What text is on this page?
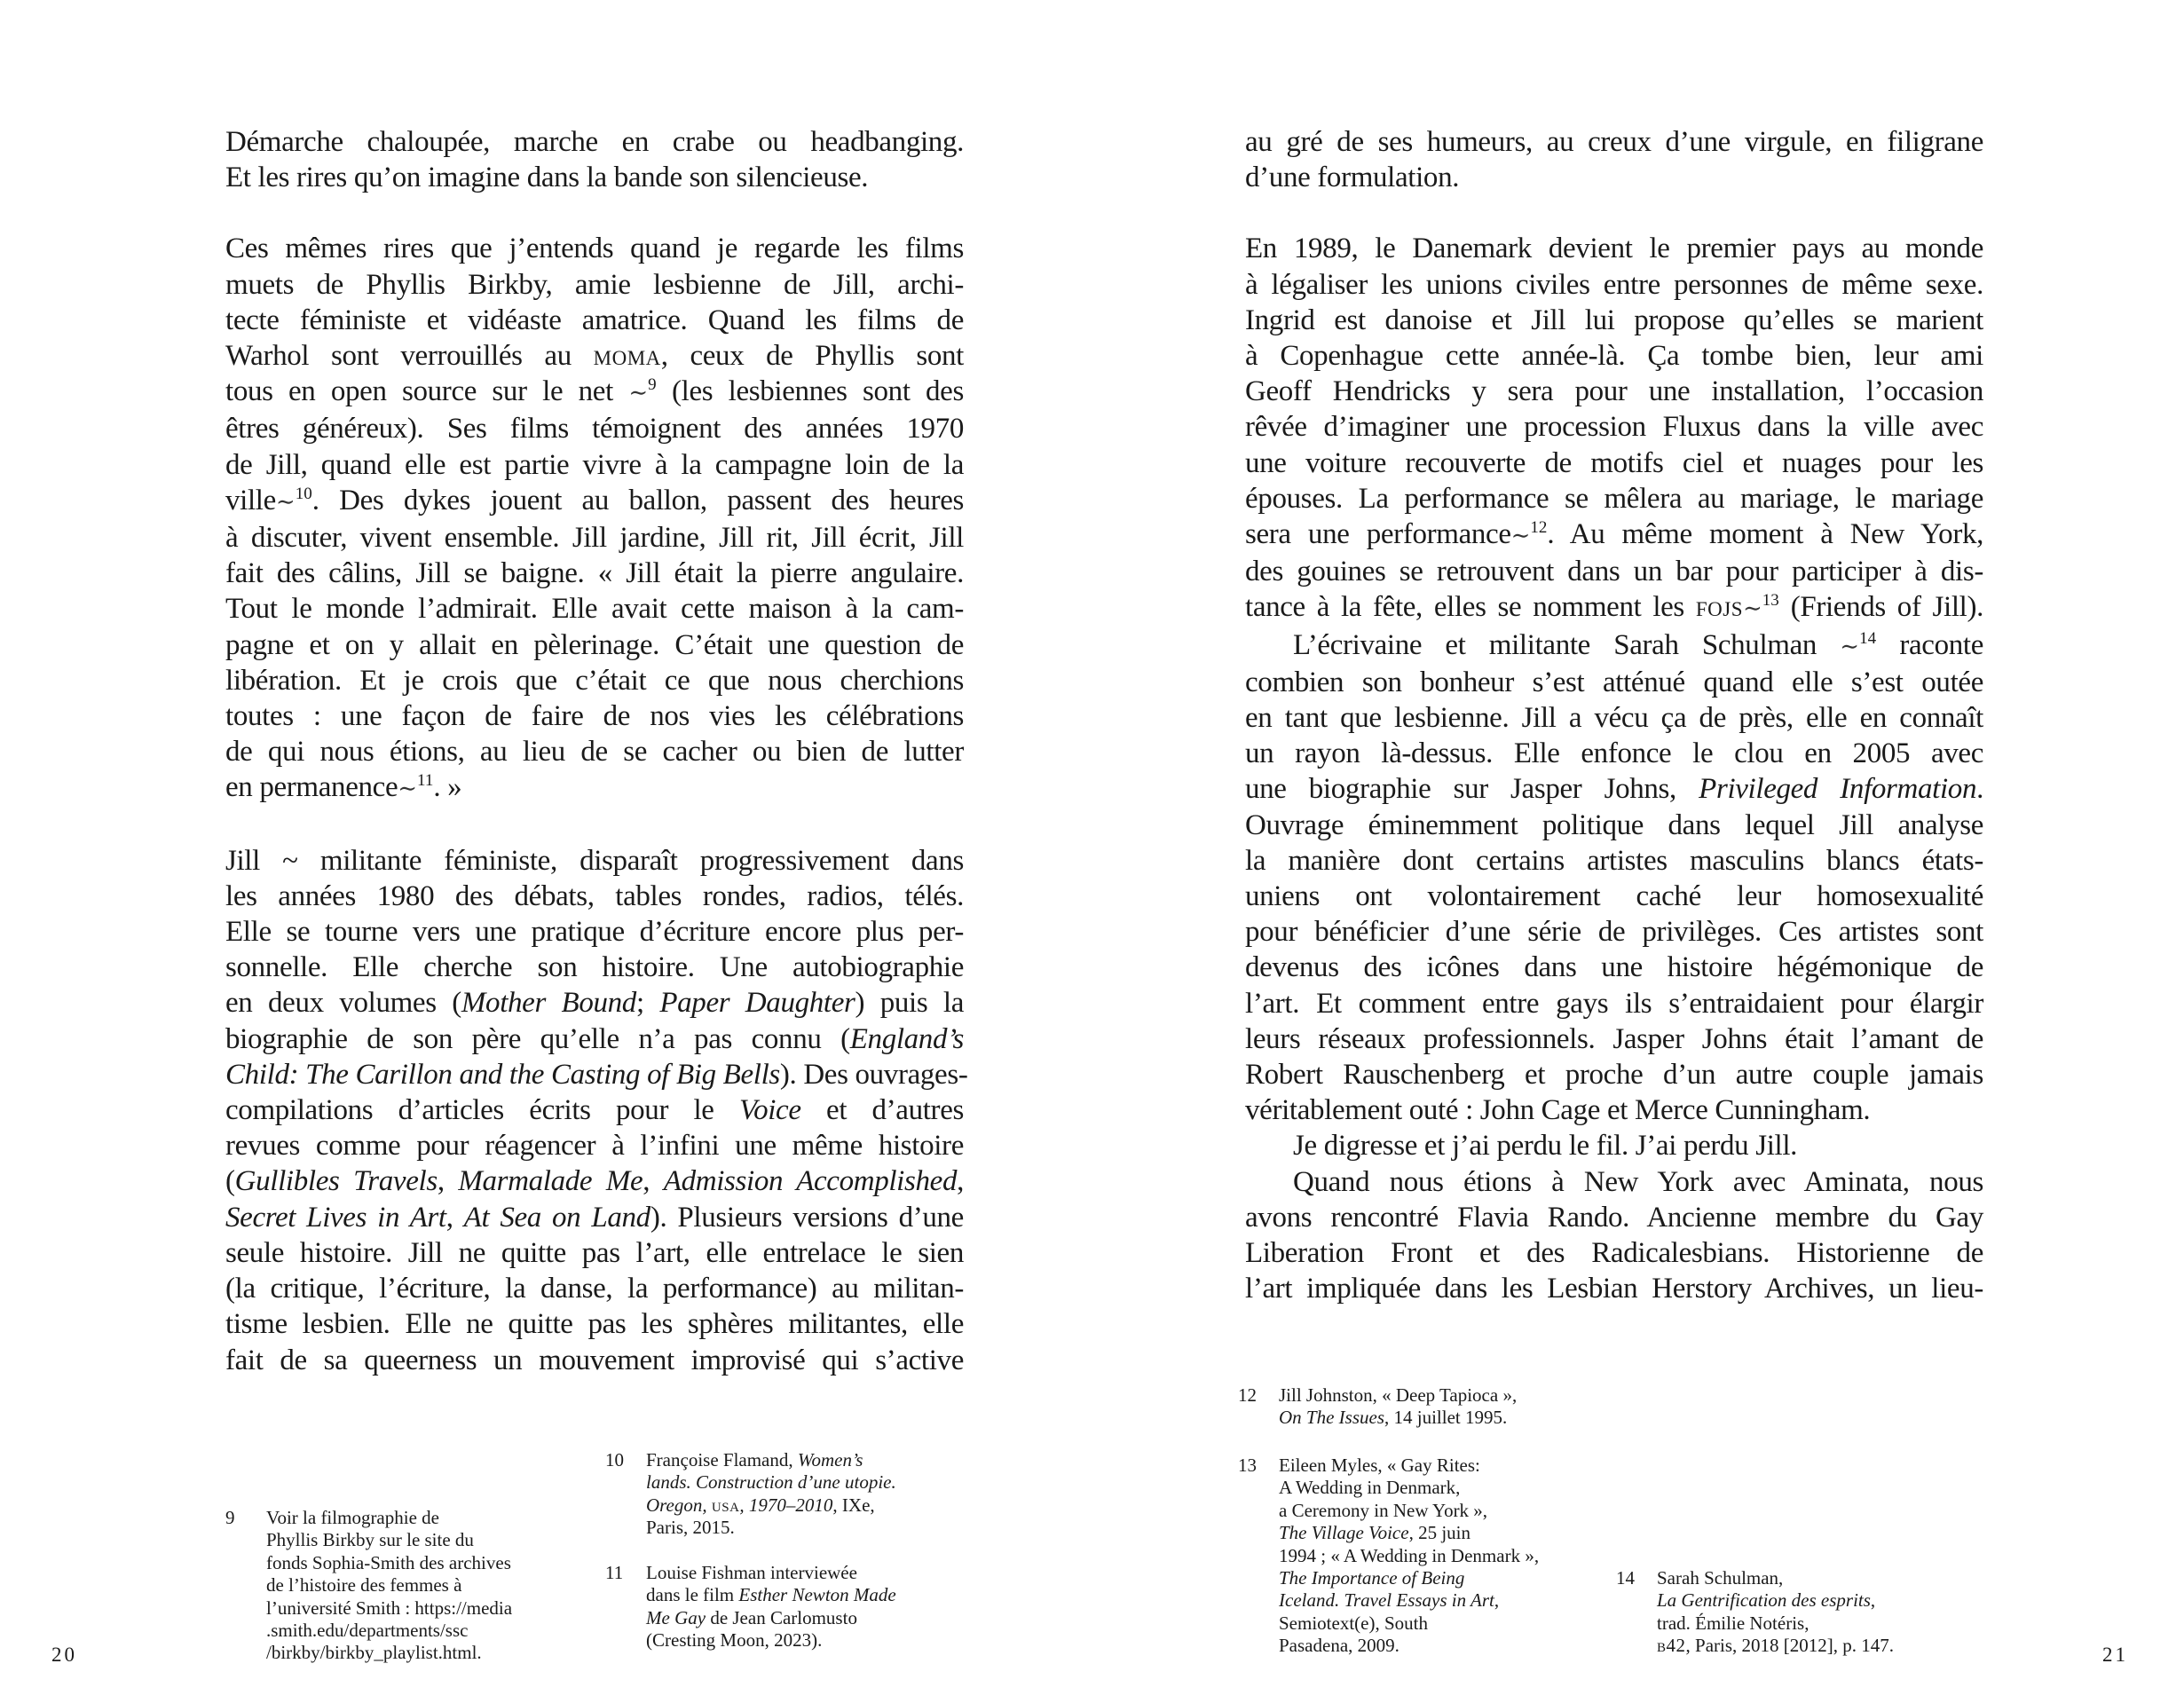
Démarche chaloupée, marche en crabe ou headbanging.
Et les rires qu’on imagine dans la bande son silencieuse.

Ces mêmes rires que j’entends quand je regarde les films
muets de Phyllis Birkby, amie lesbienne de Jill, archi-
tecte féministe et vidéaste amatrice. Quand les films de
Warhol sont verrouillés au moma, ceux de Phyllis sont
tous en open source sur le net ∼$^9$ (les lesbiennes sont des
êtres généreux). Ses films témoignent des années 1970
de Jill, quand elle est partie vivre à la campagne loin de la
ville∼$^{10}$. Des dykes jouent au ballon, passent des heures
à discuter, vivent ensemble. Jill jardine, Jill rit, Jill écrit, Jill
fait des câlins, Jill se baigne. « Jill était la pierre angulaire.
Tout le monde l’admirait. Elle avait cette maison à la cam-
pagne et on y allait en pèlerinage. C’était une question de
libération. Et je crois que c’était ce que nous cherchions
toutes : une façon de faire de nos vies les célébrations
de qui nous étions, au lieu de se cacher ou bien de lutter
en permanence∼$^{11}$. »

Jill ~ militante féministe, disparaît progressivement dans
les années 1980 des débats, tables rondes, radios, télés.
Elle se tourne vers une pratique d’écriture encore plus per-
sonnelle. Elle cherche son histoire. Une autobiographie
en deux volumes (Mother Bound; Paper Daughter) puis la
biographie de son père qu’elle n’a pas connu (England’s
Child: The Carillon and the Casting of Big Bells). Des ouvrages-
compilations d’articles écrits pour le Voice et d’autres
revues comme pour réagencer à l’infini une même histoire
(Gullibles Travels, Marmalade Me, Admission Accomplished,
Secret Lives in Art, At Sea on Land). Plusieurs versions d’une
seule histoire. Jill ne quitte pas l’art, elle entrelace le sien
(la critique, l’écriture, la danse, la performance) au militan-
tisme lesbien. Elle ne quitte pas les sphères militantes, elle
fait de sa queerness un mouvement improvisé qui s’active

9 Voir la filmographie de
Phyllis Birkby sur le site du
fonds Sophia-Smith des archives
de l’histoire des femmes à
l’université Smith : https://media
.smith.edu/departments/ssc
/birkby/birkby_playlist.html.
10 Françoise Flamand, Women’s
lands. Construction d’une utopie.
Oregon, usa, 1970–2010, IXe,
Paris, 2015.
11 Louise Fishman interviewée
dans le film Esther Newton Made
Me Gay de Jean Carlomusto
(Cresting Moon, 2023).
20

au gré de ses humeurs, au creux d’une virgule, en filigrane
d’une formulation.

En 1989, le Danemark devient le premier pays au monde
à légaliser les unions civiles entre personnes de même sexe.
Ingrid est danoise et Jill lui propose qu’elles se marient
à Copenhague cette année-là. Ça tombe bien, leur ami
Geoff Hendricks y sera pour une installation, l’occasion
rêvée d’imaginer une procession Fluxus dans la ville avec
une voiture recouverte de motifs ciel et nuages pour les
épouses. La performance se mêlera au mariage, le mariage
sera une performance∼$^{12}$. Au même moment à New York,
des gouines se retrouvent dans un bar pour participer à dis-
tance à la fête, elles se nomment les fojs∼$^{13}$ (Friends of Jill).

L’écrivaine et militante Sarah Schulman ∼$^{14}$ raconte
combien son bonheur s’est atténué quand elle s’est outée
en tant que lesbienne. Jill a vécu ça de près, elle en connaît
un rayon là-dessus. Elle enfonce le clou en 2005 avec
une biographie sur Jasper Johns, Privileged Information.
Ouvrage éminemment politique dans lequel Jill analyse
la manière dont certains artistes masculins blancs états-
uniens ont volontairement caché leur homosexualité
pour bénéficier d’une série de privilèges. Ces artistes sont
devenus des icônes dans une histoire hégémonique de
l’art. Et comment entre gays ils s’entraidaient pour élargir
leurs réseaux professionnels. Jasper Johns était l’amant de
Robert Rauschenberg et proche d’un autre couple jamais
véritablement outé : John Cage et Merce Cunningham.

Je digresse et j’ai perdu le fil. J’ai perdu Jill.

Quand nous étions à New York avec Aminata, nous
avons rencontré Flavia Rando. Ancienne membre du Gay
Liberation Front et des Radicalesbians. Historienne de
l’art impliquée dans les Lesbian Herstory Archives, un lieu-

12 Jill Johnston, « Deep Tapioca »,
On The Issues, 14 juillet 1995.
13 Eileen Myles, « Gay Rites:
A Wedding in Denmark,
a Ceremony in New York »,
The Village Voice, 25 juin
1994 ; « A Wedding in Denmark »,
The Importance of Being
Iceland. Travel Essays in Art,
Semiotext(e), South
Pasadena, 2009.
14 Sarah Schulman,
La Gentrification des esprits,
trad. Émilie Notéris,
b42, Paris, 2018 [2012], p. 147.	21
